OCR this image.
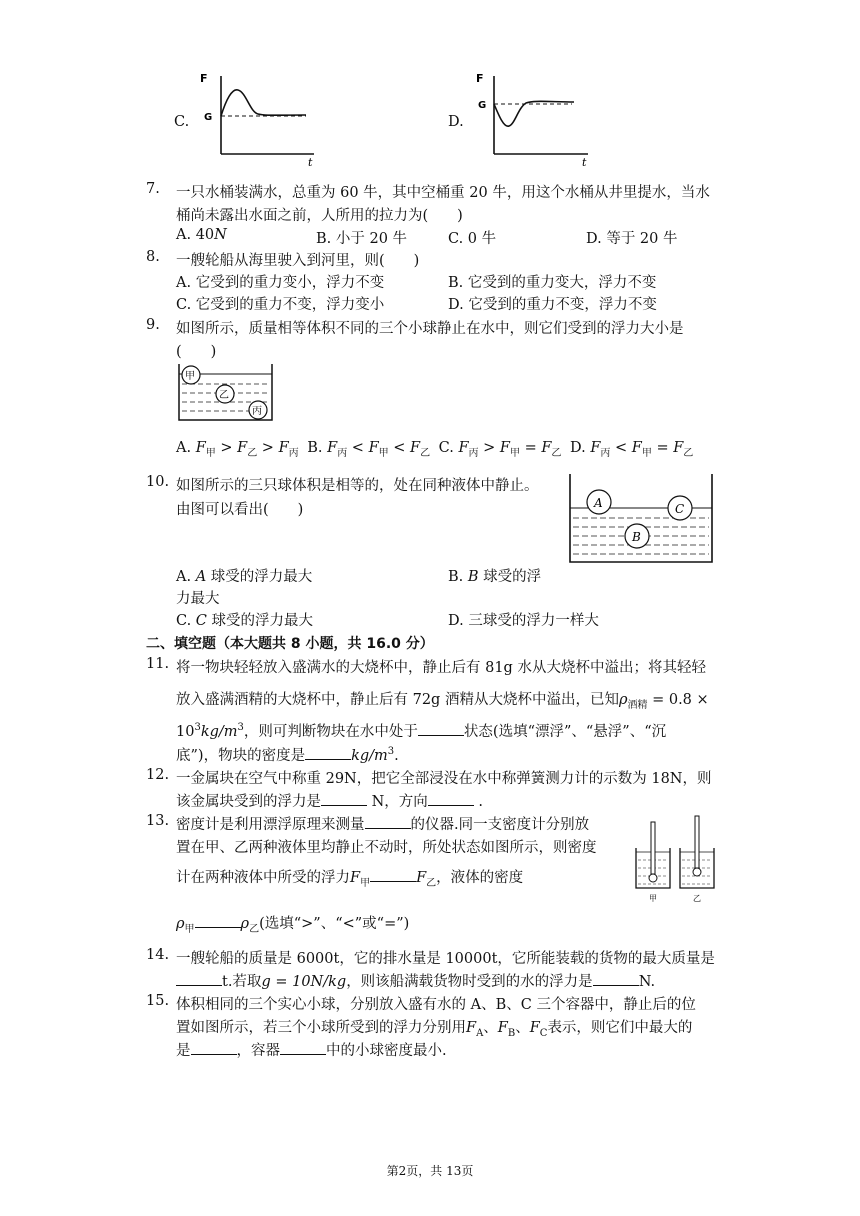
C.
F
G
t
D.
F
G
t
7. 一只水桶装满水，总重为 60 牛，其中空桶重 20 牛，用这个水桶从井里提水，当水
桶尚未露出水面之前，人所用的拉力为(　　)
A. 40N	B. 小于 20 牛	C. 0 牛	D. 等于 20 牛
8. 一艘轮船从海里驶入到河里，则(　　)
A. 它受到的重力变小，浮力不变	B. 它受到的重力变大，浮力不变
C. 它受到的重力不变，浮力变小	D. 它受到的重力不变，浮力不变
9. 如图所示，质量相等体积不同的三个小球静止在水中，则它们受到的浮力大小是
(　　)
甲
乙
丙
A. $F_甲 > F_乙 > F_丙$ B. $F_丙 < F_甲 < F_乙$ C. $F_丙 > F_甲 = F_乙$ D. $F_丙 < F_甲 = F_乙$
10. 如图所示的三只球体积是相等的，处在同种液体中静止。
由图可以看出(　　)	A	C
B
A. A 球受的浮力最大	B. B 球受的浮
力最大
C. C 球受的浮力最大	D. 三球受的浮力一样大
二、填空题（本大题共 8 小题，共 16.0 分）
11. 将一物块轻轻放入盛满水的大烧杯中，静止后有 81g 水从大烧杯中溢出；将其轻轻
放入盛满酒精的大烧杯中，静止后有 72g 酒精从大烧杯中溢出，已知$\rho_{酒精} = 0.8$ ×
$10^3kg/m^3$，则可判断物块在水中处于	状态(选填“漂浮”、“悬浮”、“沉
底”)，物块的密度是	$kg/m^3$.
12. 一金属块在空气中称重 29N，把它全部浸没在水中称弹簧测力计的示数为 18N，则
该金属块受到的浮力是	N，方向	.
13. 密度计是利用漂浮原理来测量	的仪器.同一支密度计分别放
置在甲、乙两种液体里均静止不动时，所处状态如图所示，则密度
计在两种液体中所受的浮力$F_甲$	$F_乙$，液体的密度
$\rho_甲$	$\rho_乙$(选填“>”、“<”或“=”)
甲	乙
14. 一艘轮船的质量是 6000t，它的排水量是 10000t，它所能装载的货物的最大质量是
t.若取g = 10N/kg，则该船满载货物时受到的水的浮力是	N.
15. 体积相同的三个实心小球，分别放入盛有水的 A、B、C 三个容器中，静止后的位
置如图所示，若三个小球所受到的浮力分别用$F_A$、$F_B$、$F_C$表示，则它们中最大的
是	，容器	中的小球密度最小.
第2页，共 13页
